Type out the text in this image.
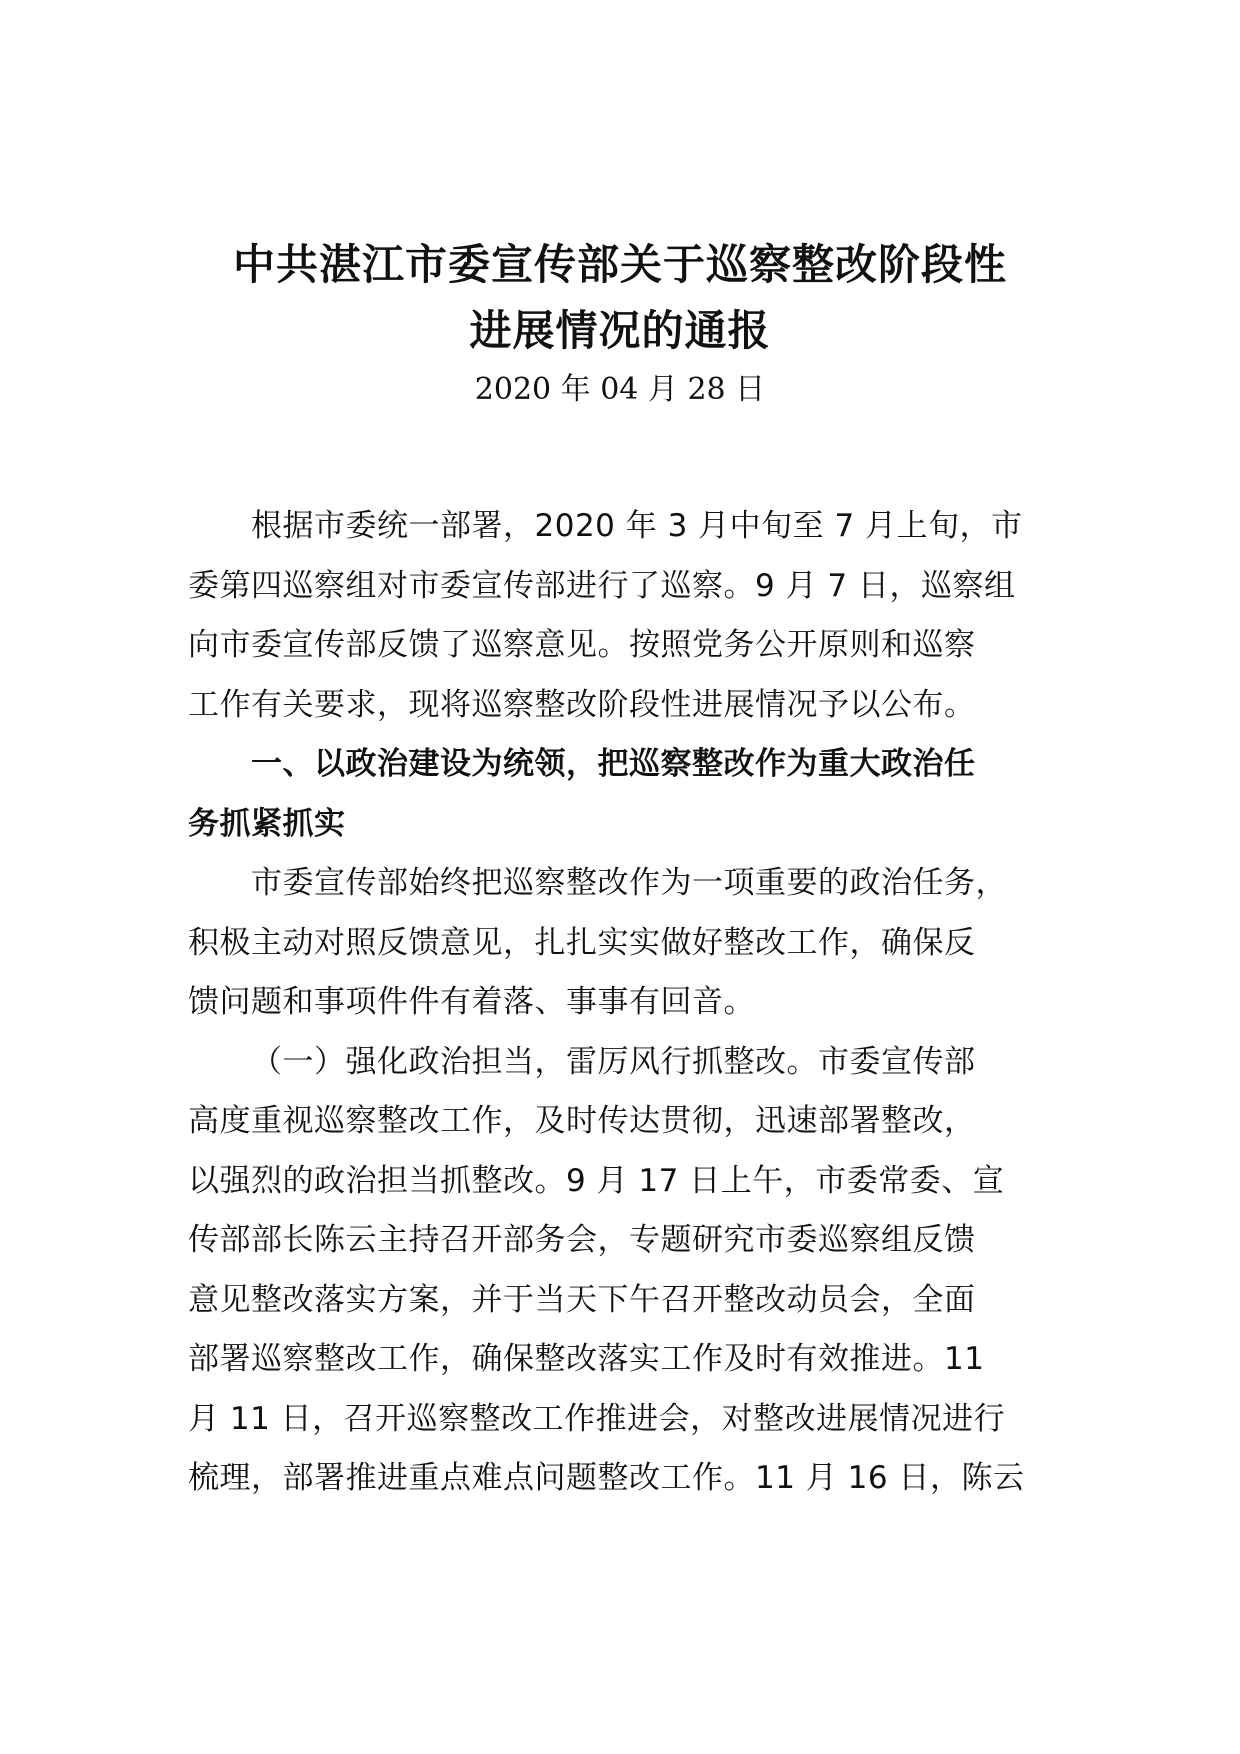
中共湛江市委宣传部关于巡察整改阶段性
进展情况的通报
2020 年 04 月 28 日
根据市委统一部署，2020 年 3 月中旬至 7 月上旬，市
委第四巡察组对市委宣传部进行了巡察。9 月 7 日，巡察组
向市委宣传部反馈了巡察意见。按照党务公开原则和巡察
工作有关要求，现将巡察整改阶段性进展情况予以公布。
一、以政治建设为统领，把巡察整改作为重大政治任
务抓紧抓实
市委宣传部始终把巡察整改作为一项重要的政治任务，
积极主动对照反馈意见，扎扎实实做好整改工作，确保反
馈问题和事项件件有着落、事事有回音。
（一）强化政治担当，雷厉风行抓整改。市委宣传部
高度重视巡察整改工作，及时传达贯彻，迅速部署整改，
以强烈的政治担当抓整改。9 月 17 日上午，市委常委、宣
传部部长陈云主持召开部务会，专题研究市委巡察组反馈
意见整改落实方案，并于当天下午召开整改动员会，全面
部署巡察整改工作，确保整改落实工作及时有效推进。11
月 11 日，召开巡察整改工作推进会，对整改进展情况进行
梳理，部署推进重点难点问题整改工作。11 月 16 日，陈云
